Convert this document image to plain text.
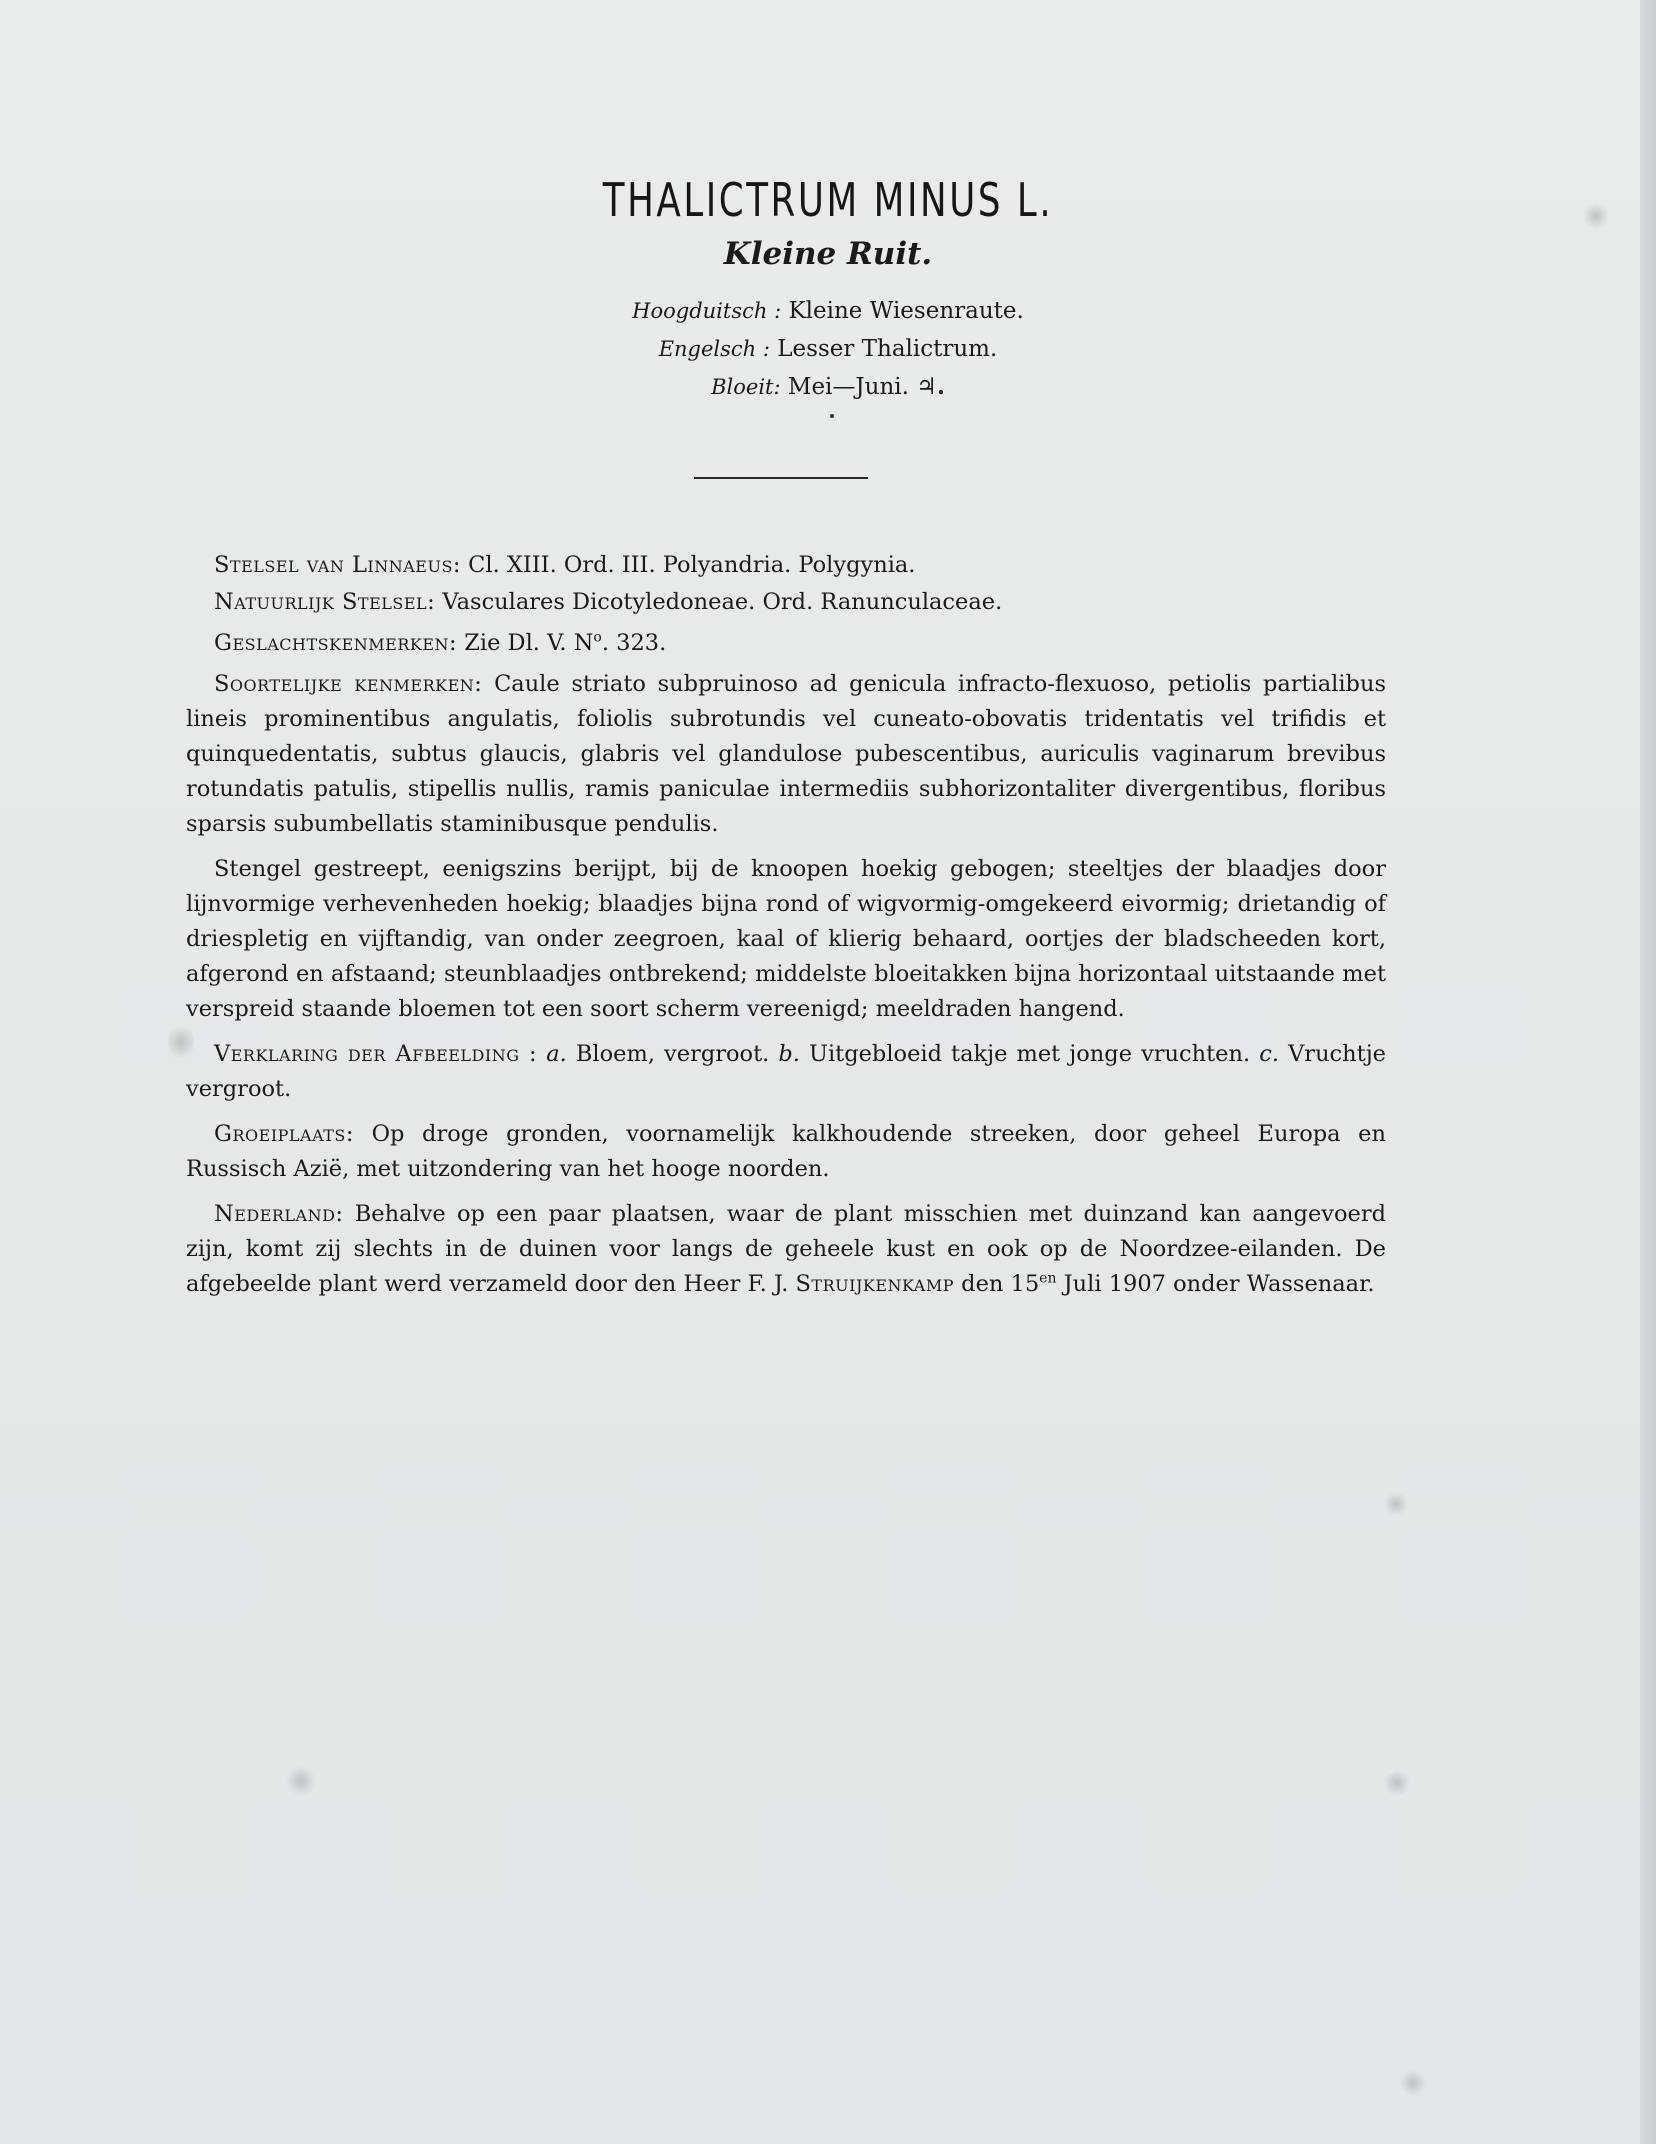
THALICTRUM MINUS L.
Kleine Ruit.

Hoogduitsch : Kleine Wiesenraute.

Engelsch : Lesser Thalictrum.

Bloeit: Mei—Juni. ♃.

Stelsel van Linnaeus: Cl. XIII. Ord. III. Polyandria. Polygynia.

Natuurlijk Stelsel: Vasculares Dicotyledoneae. Ord. Ranunculaceae.

Geslachtskenmerken: Zie Dl. V. $N^o$. 323.

Soortelijke kenmerken: Caule striato subpruinoso ad genicula infracto-flexuoso, petiolis partialibus lineis prominentibus angulatis, foliolis subrotundis vel cuneato-obovatis tridentatis vel trifidis et quinquedentatis, subtus glaucis, glabris vel glandulose pubescentibus, auriculis vaginarum brevibus rotundatis patulis, stipellis nullis, ramis paniculae intermediis subhorizontaliter divergentibus, floribus sparsis subumbellatis staminibusque pendulis.

Stengel gestreept, eenigszins berijpt, bij de knoopen hoekig gebogen; steeltjes der blaadjes door lijnvormige verhevenheden hoekig; blaadjes bijna rond of wigvormig-omgekeerd eivormig; drietandig of driespletig en vijftandig, van onder zeegroen, kaal of klierig behaard, oortjes der bladscheeden kort, afgerond en afstaand; steunblaadjes ontbrekend; middelste bloeitakken bijna horizontaal uitstaande met verspreid staande bloemen tot een soort scherm vereenigd; meeldraden hangend.

Verklaring der Afbeelding : a. Bloem, vergroot. b. Uitgebloeid takje met jonge vruchten. c. Vruchtje vergroot.

Groeiplaats: Op droge gronden, voornamelijk kalkhoudende streeken, door geheel Europa en Russisch Azië, met uitzondering van het hooge noorden.

Nederland: Behalve op een paar plaatsen, waar de plant misschien met duinzand kan aangevoerd zijn, komt zij slechts in de duinen voor langs de geheele kust en ook op de Noordzee-eilanden. De afgebeelde plant werd verzameld door den Heer F. J. Struijkenkamp den $15^{en}$ Juli 1907 onder Wassenaar.
